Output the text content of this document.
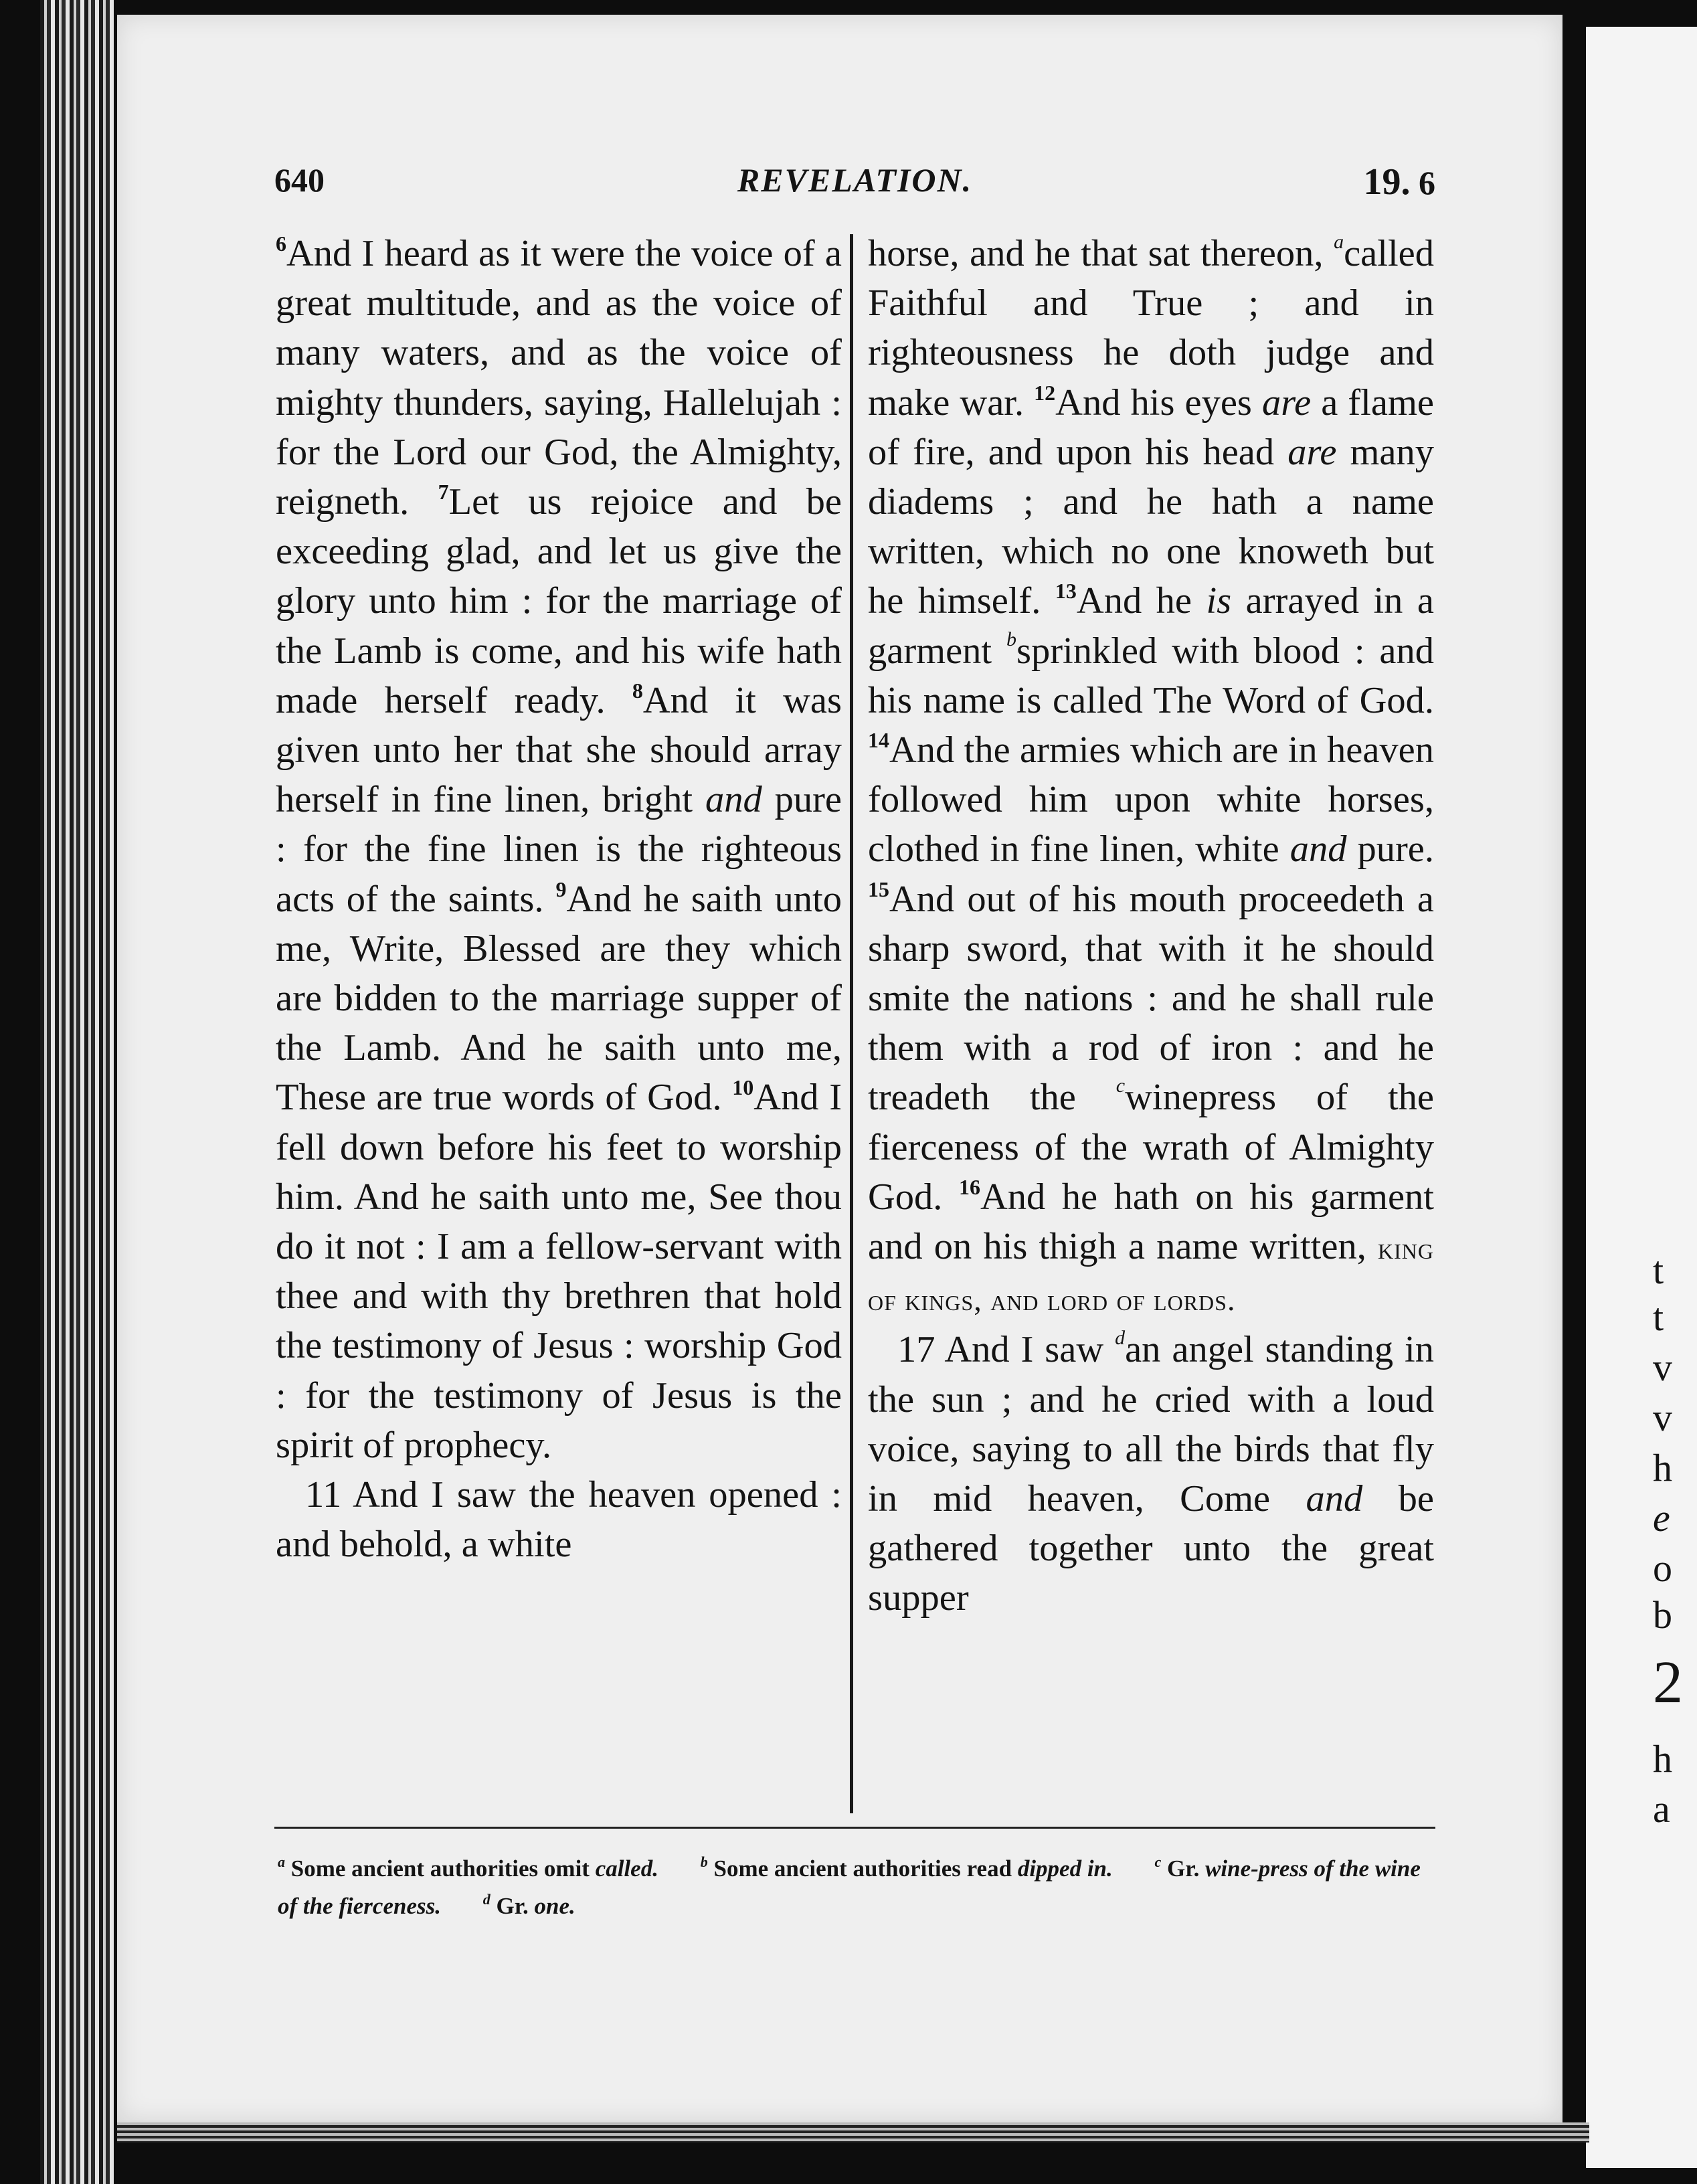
t
t
v
v
h
e
o
b
2
h
a
640	REVELATION.	19. 6

$^6$And I heard as it were the voice of a great multitude, and as the voice of many waters, and as the voice of mighty thunders, saying, Hallelujah : for the Lord our God, the Almighty, reigneth. $^7$Let us rejoice and be exceeding glad, and let us give the glory unto him : for the marriage of the Lamb is come, and his wife hath made herself ready. $^8$And it was given unto her that she should array herself in fine linen, bright and pure : for the fine linen is the righteous acts of the saints. $^9$And he saith unto me, Write, Blessed are they which are bidden to the marriage supper of the Lamb. And he saith unto me, These are true words of God. $^{10}$And I fell down before his feet to worship him. And he saith unto me, See thou do it not : I am a fellow-servant with thee and with thy brethren that hold the testimony of Jesus : worship God : for the testimony of Jesus is the spirit of prophecy.

11 And I saw the heaven opened : and behold, a white

horse, and he that sat thereon, $^a$called Faithful and True ; and in righteousness he doth judge and make war. $^{12}$And his eyes are a flame of fire, and upon his head are many diadems ; and he hath a name written, which no one knoweth but he himself. $^{13}$And he is arrayed in a garment $^b$sprinkled with blood : and his name is called The Word of God. $^{14}$And the armies which are in heaven followed him upon white horses, clothed in fine linen, white and pure. $^{15}$And out of his mouth proceedeth a sharp sword, that with it he should smite the nations : and he shall rule them with a rod of iron : and he treadeth the $^c$winepress of the fierceness of the wrath of Almighty God. $^{16}$And he hath on his garment and on his thigh a name written, king of kings, and lord of lords.

17 And I saw $^d$an angel standing in the sun ; and he cried with a loud voice, saying to all the birds that fly in mid heaven, Come and be gathered together unto the great supper

$^a$ Some ancient authorities omit called.	$^b$ Some ancient authorities read dipped in.	$^c$ Gr. wine-press of the wine of the fierceness.	$^d$ Gr. one.
